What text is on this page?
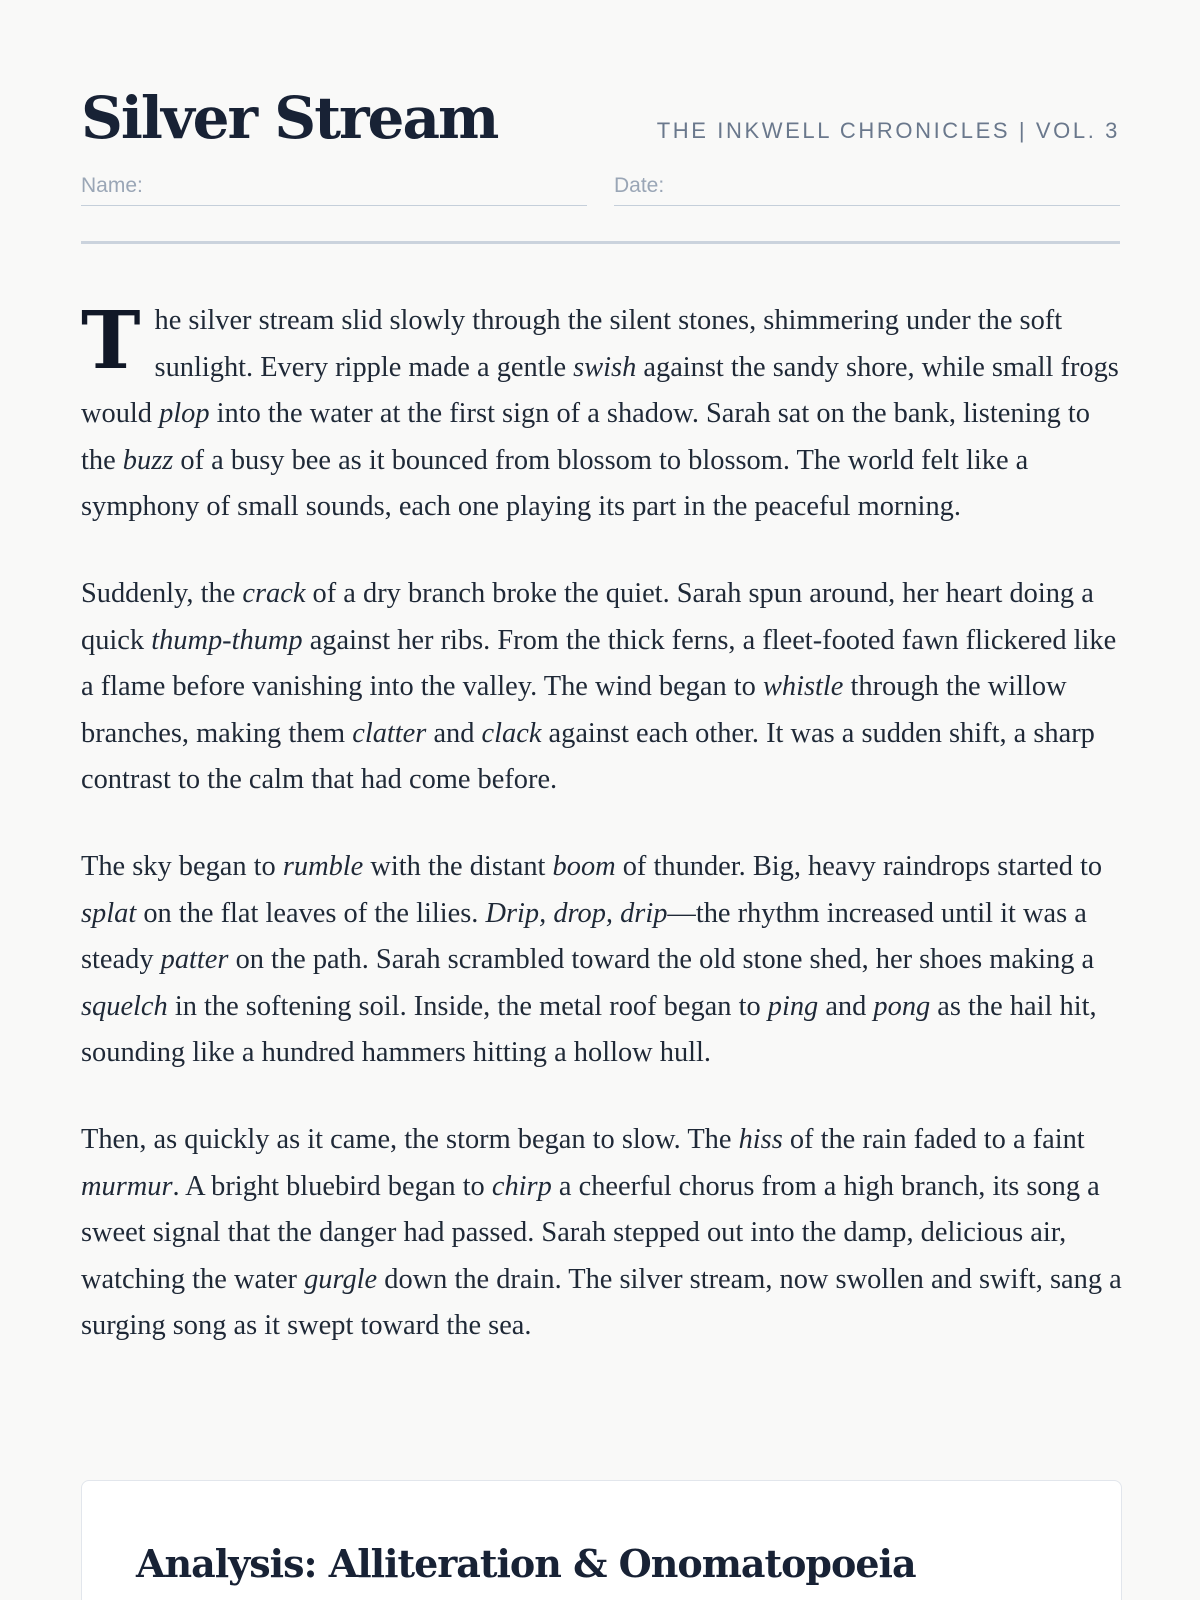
Silver Stream	THE INKWELL CHRONICLES | VOL. 3
Name:	Date:

The silver stream slid slowly through the silent stones, shimmering under the soft sunlight. Every ripple made a gentle swish against the sandy shore, while small frogs would plop into the water at the first sign of a shadow. Sarah sat on the bank, listening to the buzz of a busy bee as it bounced from blossom to blossom. The world felt like a symphony of small sounds, each one playing its part in the peaceful morning.

Suddenly, the crack of a dry branch broke the quiet. Sarah spun around, her heart doing a quick thump-thump against her ribs. From the thick ferns, a fleet-footed fawn flickered like a flame before vanishing into the valley. The wind began to whistle through the willow branches, making them clatter and clack against each other. It was a sudden shift, a sharp contrast to the calm that had come before.

The sky began to rumble with the distant boom of thunder. Big, heavy raindrops started to splat on the flat leaves of the lilies. Drip, drop, drip—the rhythm increased until it was a steady patter on the path. Sarah scrambled toward the old stone shed, her shoes making a squelch in the softening soil. Inside, the metal roof began to ping and pong as the hail hit, sounding like a hundred hammers hitting a hollow hull.

Then, as quickly as it came, the storm began to slow. The hiss of the rain faded to a faint murmur. A bright bluebird began to chirp a cheerful chorus from a high branch, its song a sweet signal that the danger had passed. Sarah stepped out into the damp, delicious air, watching the water gurgle down the drain. The silver stream, now swollen and swift, sang a surging song as it swept toward the sea.

Analysis: Alliteration & Onomatopoeia
